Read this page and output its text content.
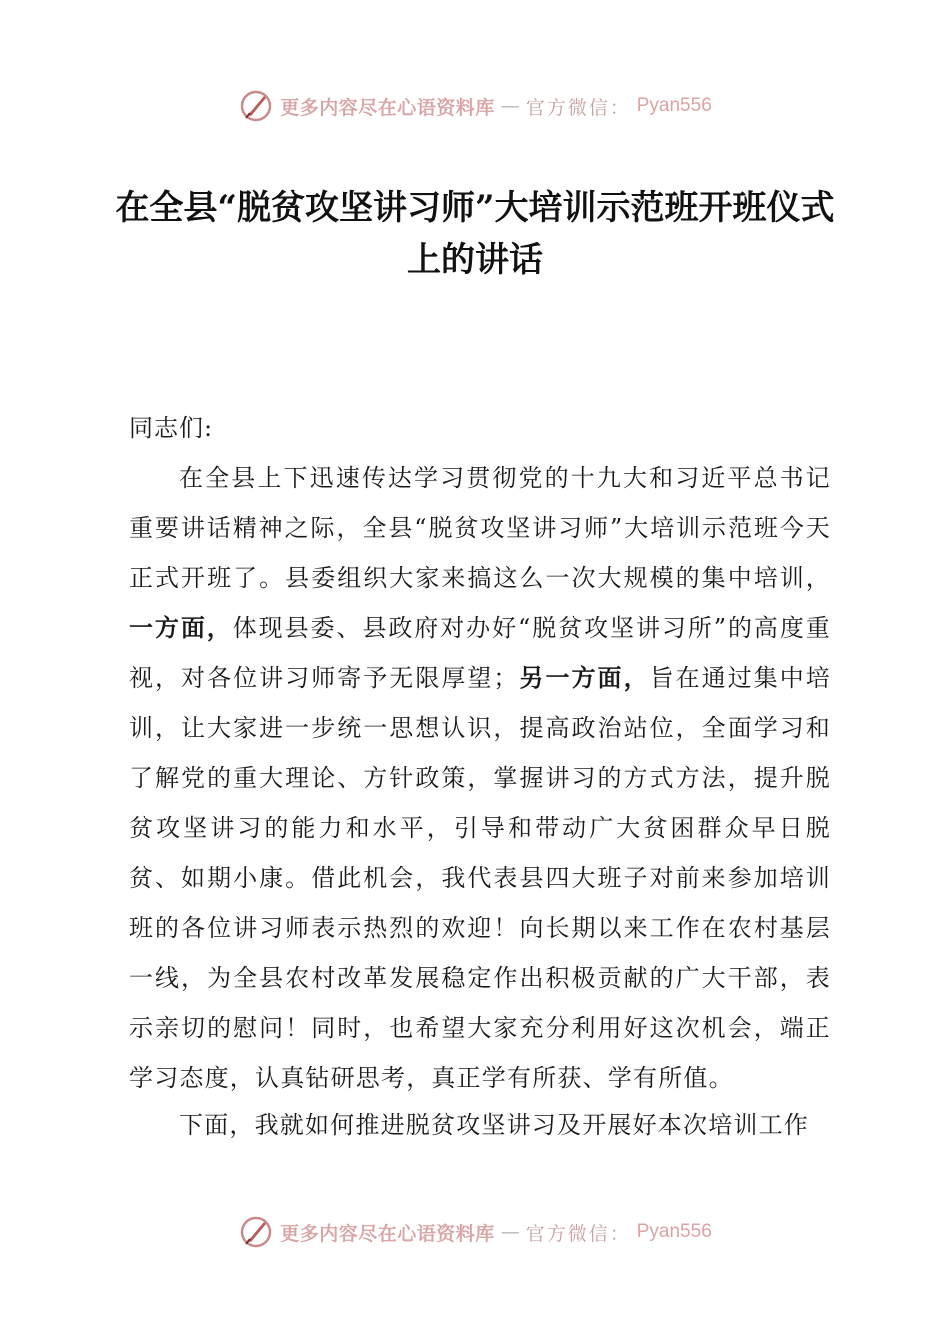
更多内容尽在心语资料库 — 官方微信： Pyan556
在全县“脱贫攻坚讲习师”大培训示范班开班仪式上的讲话

同志们:

在全县上下迅速传达学习贯彻党的十九大和习近平总书记重要讲话精神之际，全县“脱贫攻坚讲习师”大培训示范班今天正式开班了。县委组织大家来搞这么一次大规模的集中培训，一方面，体现县委、县政府对办好“脱贫攻坚讲习所”的高度重视，对各位讲习师寄予无限厚望；另一方面，旨在通过集中培训，让大家进一步统一思想认识，提高政治站位，全面学习和了解党的重大理论、方针政策，掌握讲习的方式方法，提升脱贫攻坚讲习的能力和水平，引导和带动广大贫困群众早日脱贫、如期小康。借此机会，我代表县四大班子对前来参加培训班的各位讲习师表示热烈的欢迎！向长期以来工作在农村基层一线，为全县农村改革发展稳定作出积极贡献的广大干部，表示亲切的慰问！同时，也希望大家充分利用好这次机会，端正学习态度，认真钻研思考，真正学有所获、学有所值。

下面，我就如何推进脱贫攻坚讲习及开展好本次培训工作

更多内容尽在心语资料库 — 官方微信： Pyan556
